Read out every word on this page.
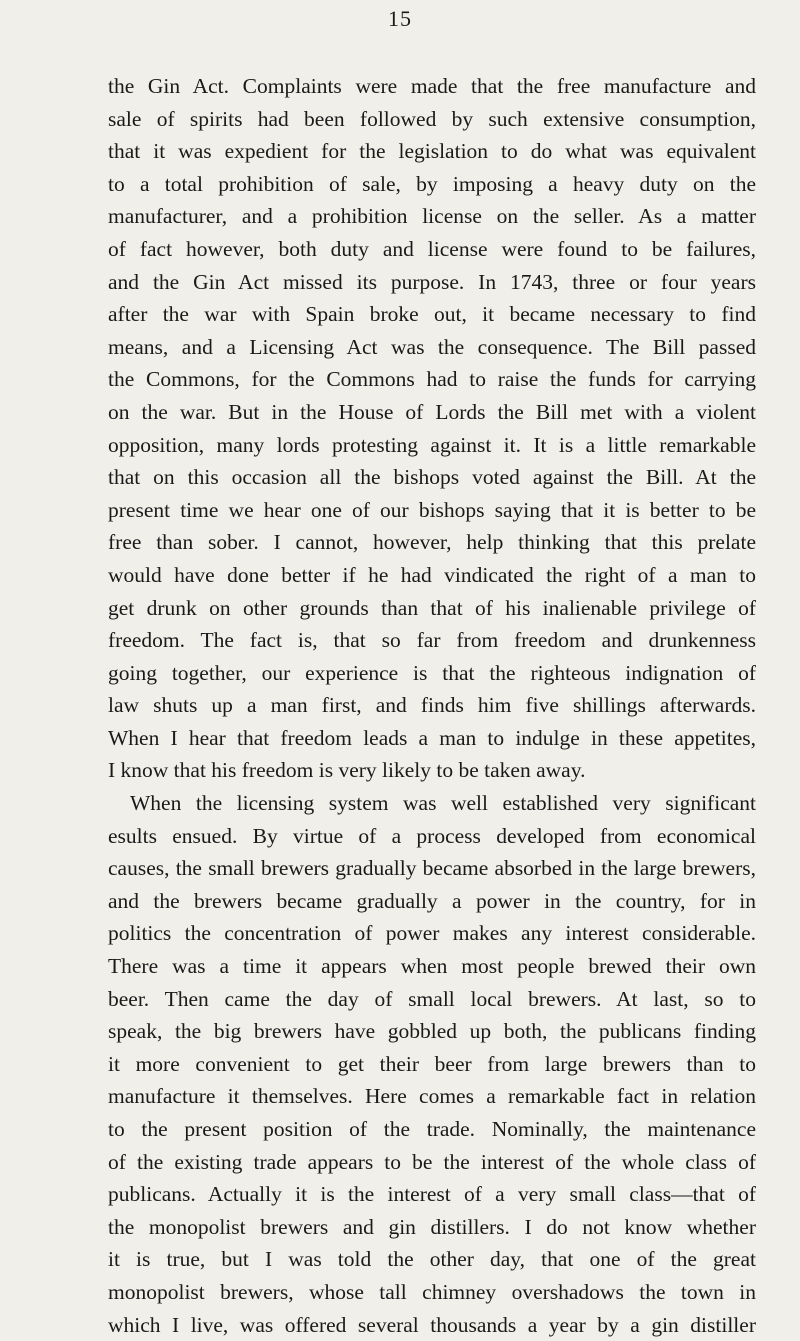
15
the Gin Act. Complaints were made that the free manufacture and
sale of spirits had been followed by such extensive consumption,
that it was expedient for the legislation to do what was equivalent
to a total prohibition of sale, by imposing a heavy duty on the
manufacturer, and a prohibition license on the seller. As a matter
of fact however, both duty and license were found to be failures,
and the Gin Act missed its purpose. In 1743, three or four years
after the war with Spain broke out, it became necessary to find
means, and a Licensing Act was the consequence. The Bill passed
the Commons, for the Commons had to raise the funds for carrying
on the war. But in the House of Lords the Bill met with a violent
opposition, many lords protesting against it. It is a little remarkable
that on this occasion all the bishops voted against the Bill. At the
present time we hear one of our bishops saying that it is better to be
free than sober. I cannot, however, help thinking that this prelate
would have done better if he had vindicated the right of a man to
get drunk on other grounds than that of his inalienable privilege of
freedom. The fact is, that so far from freedom and drunkenness
going together, our experience is that the righteous indignation of
law shuts up a man first, and finds him five shillings afterwards.
When I hear that freedom leads a man to indulge in these appetites,
I know that his freedom is very likely to be taken away.
When the licensing system was well established very significant
esults ensued. By virtue of a process developed from economical
causes, the small brewers gradually became absorbed in the large brewers,
and the brewers became gradually a power in the country, for in
politics the concentration of power makes any interest considerable.
There was a time it appears when most people brewed their own
beer. Then came the day of small local brewers. At last, so to
speak, the big brewers have gobbled up both, the publicans finding
it more convenient to get their beer from large brewers than to
manufacture it themselves. Here comes a remarkable fact in relation
to the present position of the trade. Nominally, the maintenance
of the existing trade appears to be the interest of the whole class of
publicans. Actually it is the interest of a very small class—that of
the monopolist brewers and gin distillers. I do not know whether
it is true, but I was told the other day, that one of the great
monopolist brewers, whose tall chimney overshadows the town in
which I live, was offered several thousands a year by a gin distiller
